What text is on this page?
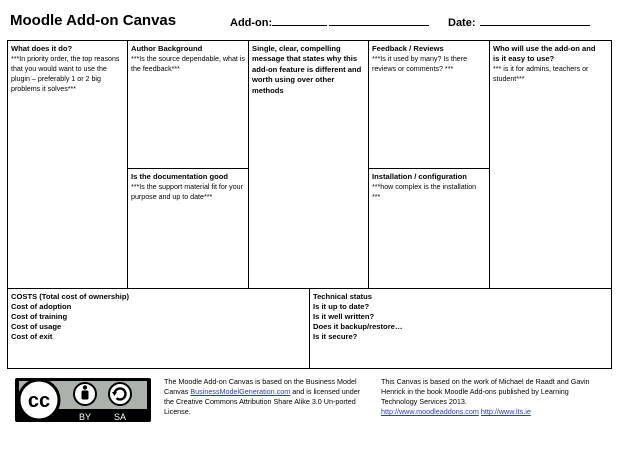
Moodle Add-on Canvas	Add-on:	Date:
What does it do?
***In priority order, the top reasons that you would want to use the plugin – preferably 1 or 2 big problems it solves***
Author Background
***Is the source dependable, what is the feedback***
Is the documentation good
***Is the support material fit for your purpose and up to date***
Single, clear, compelling
message that states why this add-on feature is different and worth using over other methods
Feedback / Reviews
***Is it used by many? Is there reviews or comments? ***
Installation / configuration
***how complex is the installation ***
Who will use the add-on and
is it easy to use?
*** is it for admins, teachers or student***
COSTS (Total cost of ownership)
Cost of adoption
Cost of training
Cost of usage
Cost of exit
Technical status
Is it up to date?
Is it well written?
Does it backup/restore…
Is it secure?
cc
BY	SA
The Moodle Add-on Canvas is based on the Business Model Canvas BusinessModelGeneration.com and is licensed under the Creative Commons Attribution Share Alike 3.0 Un-ported License.
This Canvas is based on the work of Michael de Raadt and Gavin Henrick in the book Moodle Add-ons published by Learning Technology Services 2013.
http://www.moodleaddons.com http://www.lts.ie
